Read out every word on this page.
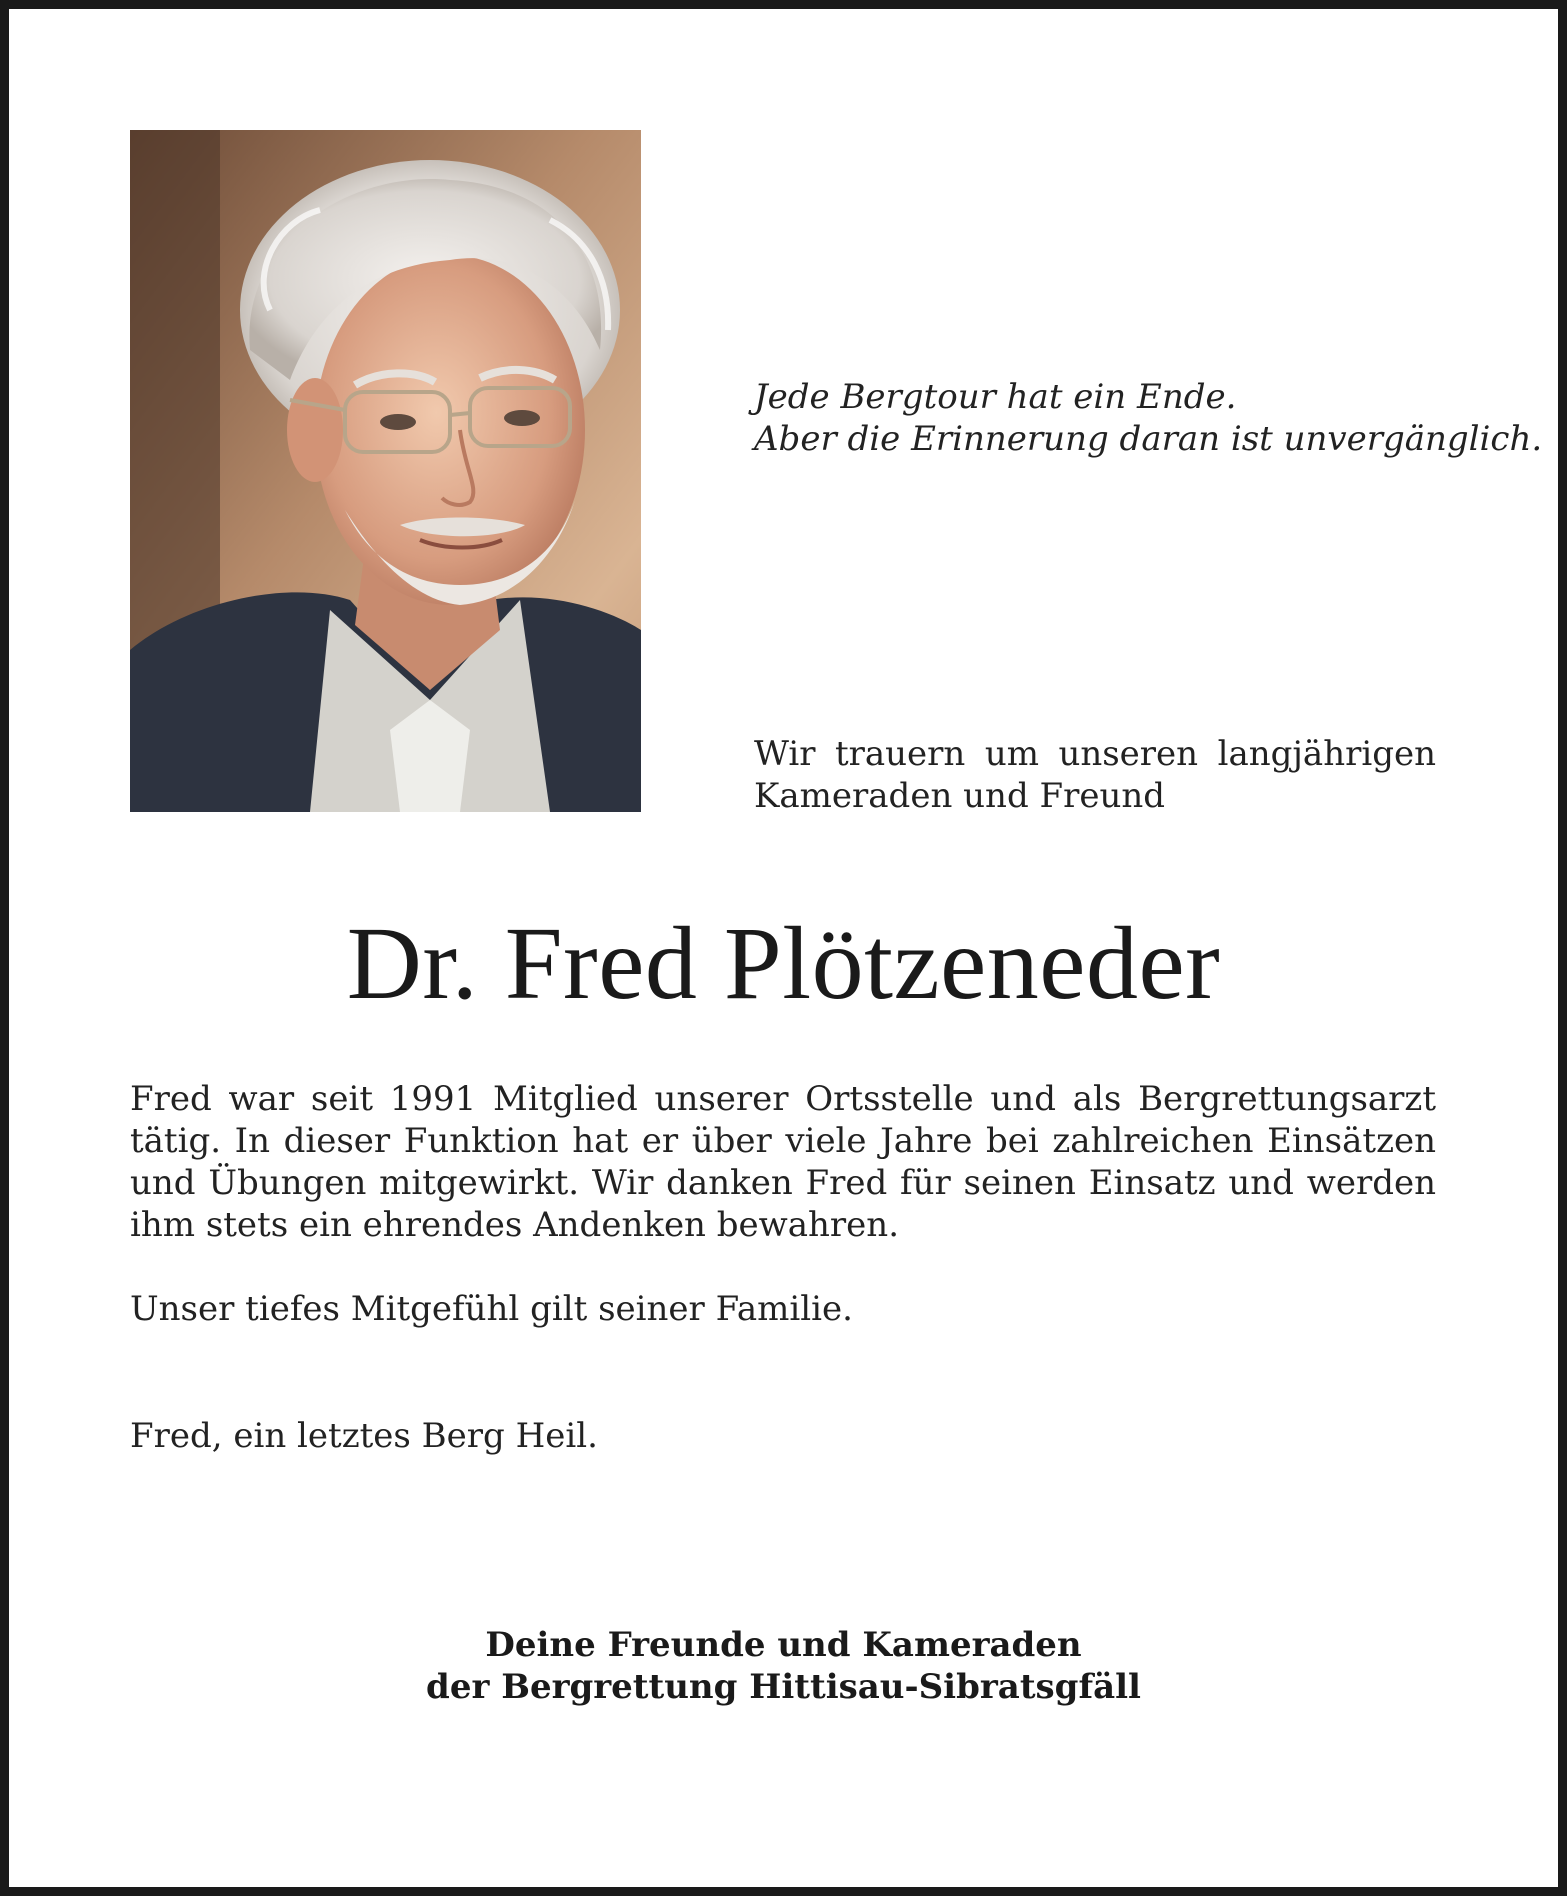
Jede Bergtour hat ein Ende.
Aber die Erinnerung daran ist unvergänglich.
Wir trauern um unseren langjährigen
Kameraden und Freund
Dr. Fred Plötzeneder
Fred war seit 1991 Mitglied unserer Ortsstelle und als Bergrettungsarzt tätig. In dieser Funktion hat er über viele Jahre bei zahlreichen Einsätzen und Übungen mitgewirkt. Wir danken Fred für seinen Einsatz und werden ihm stets ein ehrendes Andenken bewahren.
Unser tiefes Mitgefühl gilt seiner Familie.
Fred, ein letztes Berg Heil.
Deine Freunde und Kameraden
der Bergrettung Hittisau-Sibratsgfäll
